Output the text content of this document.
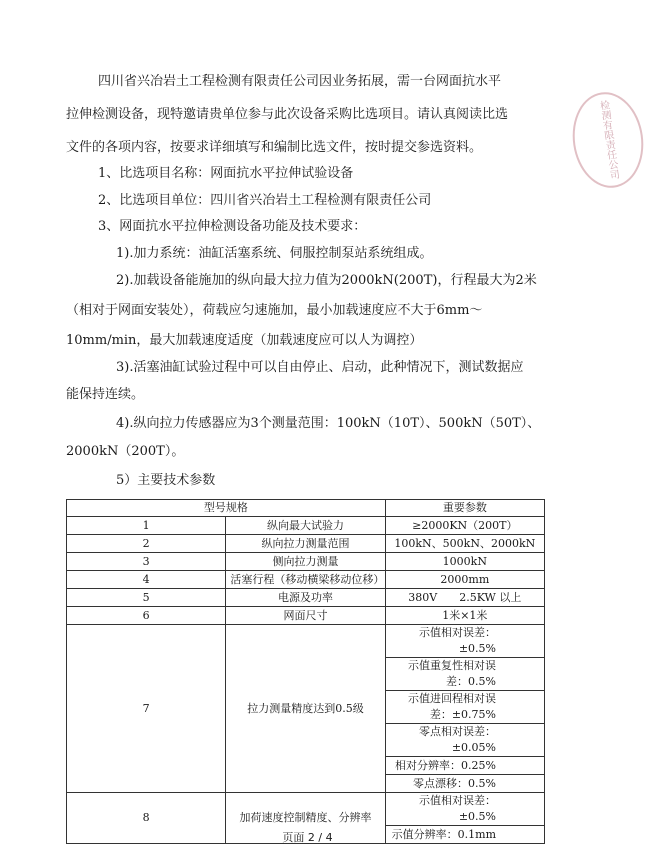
检测有限责任公司
四川省兴冶岩土工程检测有限责任公司因业务拓展，需一台网面抗水平
拉伸检测设备，现特邀请贵单位参与此次设备采购比选项目。请认真阅读比选
文件的各项内容，按要求详细填写和编制比选文件，按时提交参选资料。
1、比选项目名称：网面抗水平拉伸试验设备
2、比选项目单位：四川省兴冶岩土工程检测有限责任公司
3、网面抗水平拉伸检测设备功能及技术要求：
1).加力系统：油缸活塞系统、伺服控制泵站系统组成。
2).加载设备能施加的纵向最大拉力值为2000kN(200T)，行程最大为2米
（相对于网面安装处），荷载应匀速施加，最小加载速度应不大于6mm～
10mm/min，最大加载速度适度（加载速度应可以人为调控）
3).活塞油缸试验过程中可以自由停止、启动，此种情况下，测试数据应
能保持连续。
4).纵向拉力传感器应为3个测量范围：100kN（10T）、500kN（50T）、
2000kN（200T）。
5）主要技术参数
型号规格		重要参数
1	纵向最大试验力	≥2000KN（200T）
2	纵向拉力测量范围	100kN、500kN、2000kN
3	侧向拉力测量	1000kN
4	活塞行程（移动横梁移动位移）	2000mm
5	电源及功率	380V　　2.5KW 以上
6	网面尺寸	1米×1米
7	拉力测量精度达到0.5级	示值相对误差：±0.5%
		示值重复性相对误差：0.5%
		示值进回程相对误差：±0.75%
		零点相对误差：±0.05%
		相对分辨率：0.25%
		零点漂移：0.5%
8	加荷速度控制精度、分辨率	示值相对误差：±0.5%
		示值分辨率：0.1mm
页面 2 / 4
